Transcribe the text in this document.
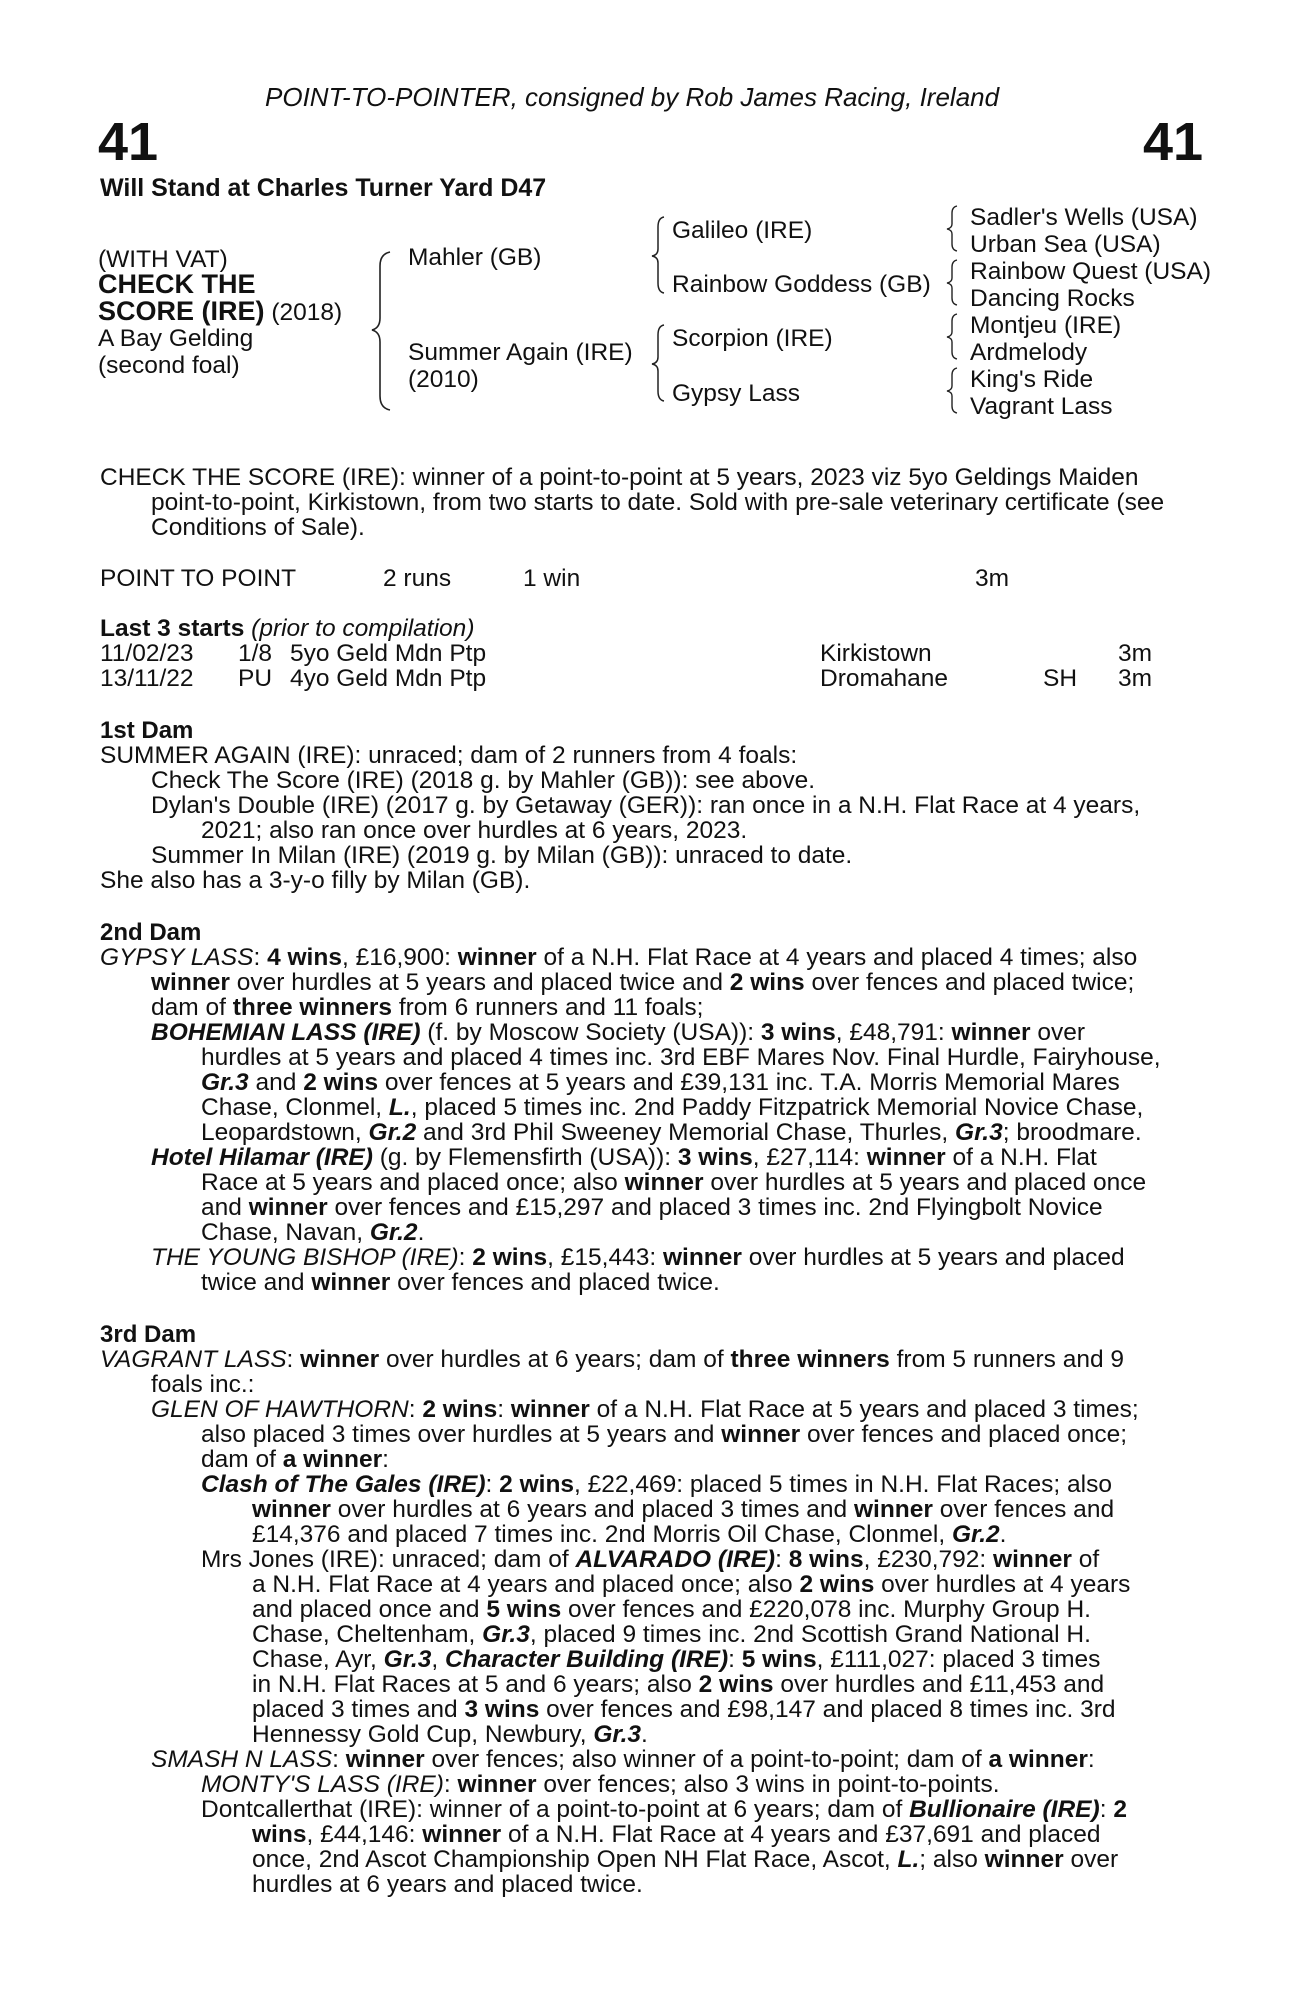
POINT-TO-POINTER, consigned by Rob James Racing, Ireland
41	41
Will Stand at Charles Turner Yard D47
(WITH VAT)
CHECK THE
SCORE (IRE) (2018)
A Bay Gelding
(second foal)
Mahler (GB)
Summer Again (IRE)
(2010)
Galileo (IRE)
Rainbow Goddess (GB)
Scorpion (IRE)
Gypsy Lass
Sadler's Wells (USA)
Urban Sea (USA)
Rainbow Quest (USA)
Dancing Rocks
Montjeu (IRE)
Ardmelody
King's Ride
Vagrant Lass
CHECK THE SCORE (IRE): winner of a point-to-point at 5 years, 2023 viz 5yo Geldings Maiden
point-to-point, Kirkistown, from two starts to date. Sold with pre-sale veterinary certificate (see
Conditions of Sale).
POINT TO POINT	2 runs	1 win	3m
Last 3 starts (prior to compilation)
11/02/23 1/8 5yo Geld Mdn Ptp	Kirkistown	3m
13/11/22 PU 4yo Geld Mdn Ptp	Dromahane	SH 3m
1st Dam
SUMMER AGAIN (IRE): unraced; dam of 2 runners from 4 foals:
Check The Score (IRE) (2018 g. by Mahler (GB)): see above.
Dylan's Double (IRE) (2017 g. by Getaway (GER)): ran once in a N.H. Flat Race at 4 years,
2021; also ran once over hurdles at 6 years, 2023.
Summer In Milan (IRE) (2019 g. by Milan (GB)): unraced to date.
She also has a 3-y-o filly by Milan (GB).
2nd Dam
GYPSY LASS: 4 wins, £16,900: winner of a N.H. Flat Race at 4 years and placed 4 times; also
winner over hurdles at 5 years and placed twice and 2 wins over fences and placed twice;
dam of three winners from 6 runners and 11 foals;
BOHEMIAN LASS (IRE) (f. by Moscow Society (USA)): 3 wins, £48,791: winner over
hurdles at 5 years and placed 4 times inc. 3rd EBF Mares Nov. Final Hurdle, Fairyhouse,
Gr.3 and 2 wins over fences at 5 years and £39,131 inc. T.A. Morris Memorial Mares
Chase, Clonmel, L., placed 5 times inc. 2nd Paddy Fitzpatrick Memorial Novice Chase,
Leopardstown, Gr.2 and 3rd Phil Sweeney Memorial Chase, Thurles, Gr.3; broodmare.
Hotel Hilamar (IRE) (g. by Flemensfirth (USA)): 3 wins, £27,114: winner of a N.H. Flat
Race at 5 years and placed once; also winner over hurdles at 5 years and placed once
and winner over fences and £15,297 and placed 3 times inc. 2nd Flyingbolt Novice
Chase, Navan, Gr.2.
THE YOUNG BISHOP (IRE): 2 wins, £15,443: winner over hurdles at 5 years and placed
twice and winner over fences and placed twice.
3rd Dam
VAGRANT LASS: winner over hurdles at 6 years; dam of three winners from 5 runners and 9
foals inc.:
GLEN OF HAWTHORN: 2 wins: winner of a N.H. Flat Race at 5 years and placed 3 times;
also placed 3 times over hurdles at 5 years and winner over fences and placed once;
dam of a winner:
Clash of The Gales (IRE): 2 wins, £22,469: placed 5 times in N.H. Flat Races; also
winner over hurdles at 6 years and placed 3 times and winner over fences and
£14,376 and placed 7 times inc. 2nd Morris Oil Chase, Clonmel, Gr.2.
Mrs Jones (IRE): unraced; dam of ALVARADO (IRE): 8 wins, £230,792: winner of
a N.H. Flat Race at 4 years and placed once; also 2 wins over hurdles at 4 years
and placed once and 5 wins over fences and £220,078 inc. Murphy Group H.
Chase, Cheltenham, Gr.3, placed 9 times inc. 2nd Scottish Grand National H.
Chase, Ayr, Gr.3, Character Building (IRE): 5 wins, £111,027: placed 3 times
in N.H. Flat Races at 5 and 6 years; also 2 wins over hurdles and £11,453 and
placed 3 times and 3 wins over fences and £98,147 and placed 8 times inc. 3rd
Hennessy Gold Cup, Newbury, Gr.3.
SMASH N LASS: winner over fences; also winner of a point-to-point; dam of a winner:
MONTY'S LASS (IRE): winner over fences; also 3 wins in point-to-points.
Dontcallerthat (IRE): winner of a point-to-point at 6 years; dam of Bullionaire (IRE): 2
wins, £44,146: winner of a N.H. Flat Race at 4 years and £37,691 and placed
once, 2nd Ascot Championship Open NH Flat Race, Ascot, L.; also winner over
hurdles at 6 years and placed twice.
